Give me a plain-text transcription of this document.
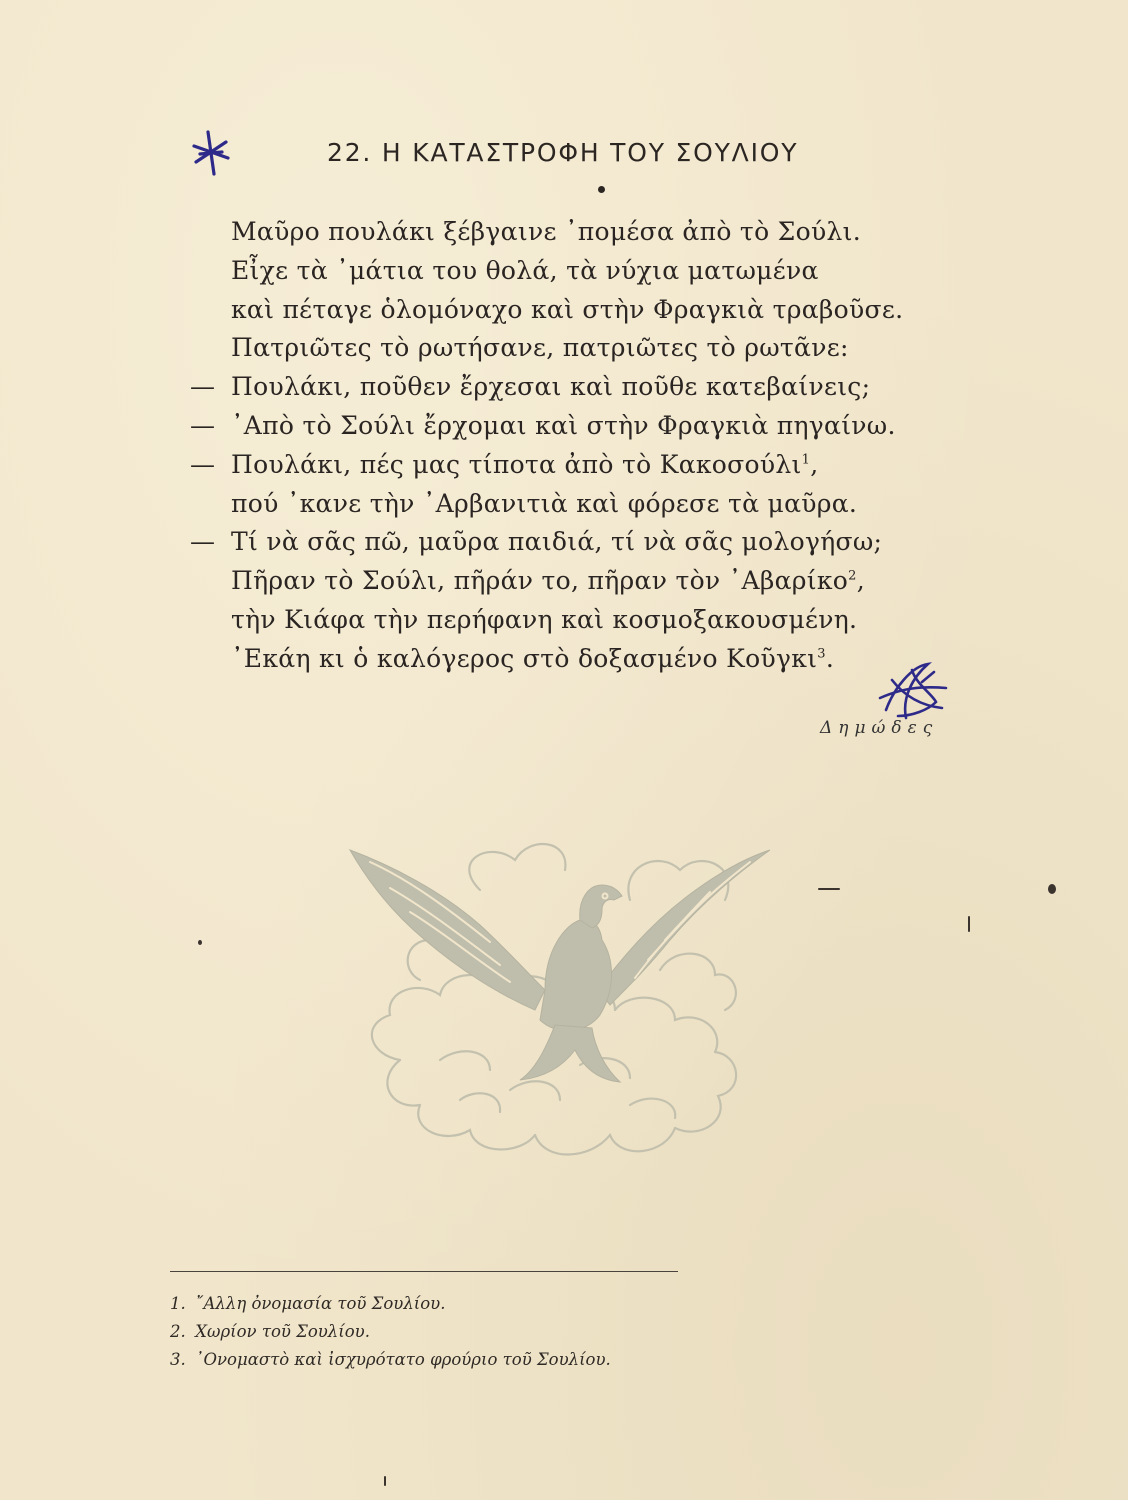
22. Η ΚΑΤΑΣΤΡΟΦΗ ΤΟΥ ΣΟΥΛΙΟΥ
Μαῦρο πουλάκι ξέβγαινε ᾽πομέσα ἀπὸ τὸ Σούλι.
Εἶχε τὰ ᾽μάτια του θολά, τὰ νύχια ματωμένα
καὶ πέταγε ὁλομόναχο καὶ στὴν Φραγκιὰ τραβοῦσε.
Πατριῶτες τὸ ρωτήσανε, πατριῶτες τὸ ρωτᾶνε:
— Πουλάκι, ποῦθεν ἔρχεσαι καὶ ποῦθε κατεβαίνεις;
— ᾽Απὸ τὸ Σούλι ἔρχομαι καὶ στὴν Φραγκιὰ πηγαίνω.
— Πουλάκι, πές μας τίποτα ἀπὸ τὸ Κακοσούλι$^1$,
πού ᾽κανε τὴν ᾽Αρβανιτιὰ καὶ φόρεσε τὰ μαῦρα.
— Τί νὰ σᾶς πῶ, μαῦρα παιδιά, τί νὰ σᾶς μολογήσω;
Πῆραν τὸ Σούλι, πῆράν το, πῆραν τὸν ᾽Αβαρίκο$^2$,
τὴν Κιάφα τὴν περήφανη καὶ κοσμοξακουσμένη.
᾽Εκάη κι ὁ καλόγερος στὸ δοξασμένο Κοῦγκι$^3$.
Δημώδες
1. ῎Αλλη ὀνομασία τοῦ Σουλίου.
2. Χωρίον τοῦ Σουλίου.
3. ᾽Ονομαστὸ καὶ ἰσχυρότατο φρούριο τοῦ Σουλίου.
